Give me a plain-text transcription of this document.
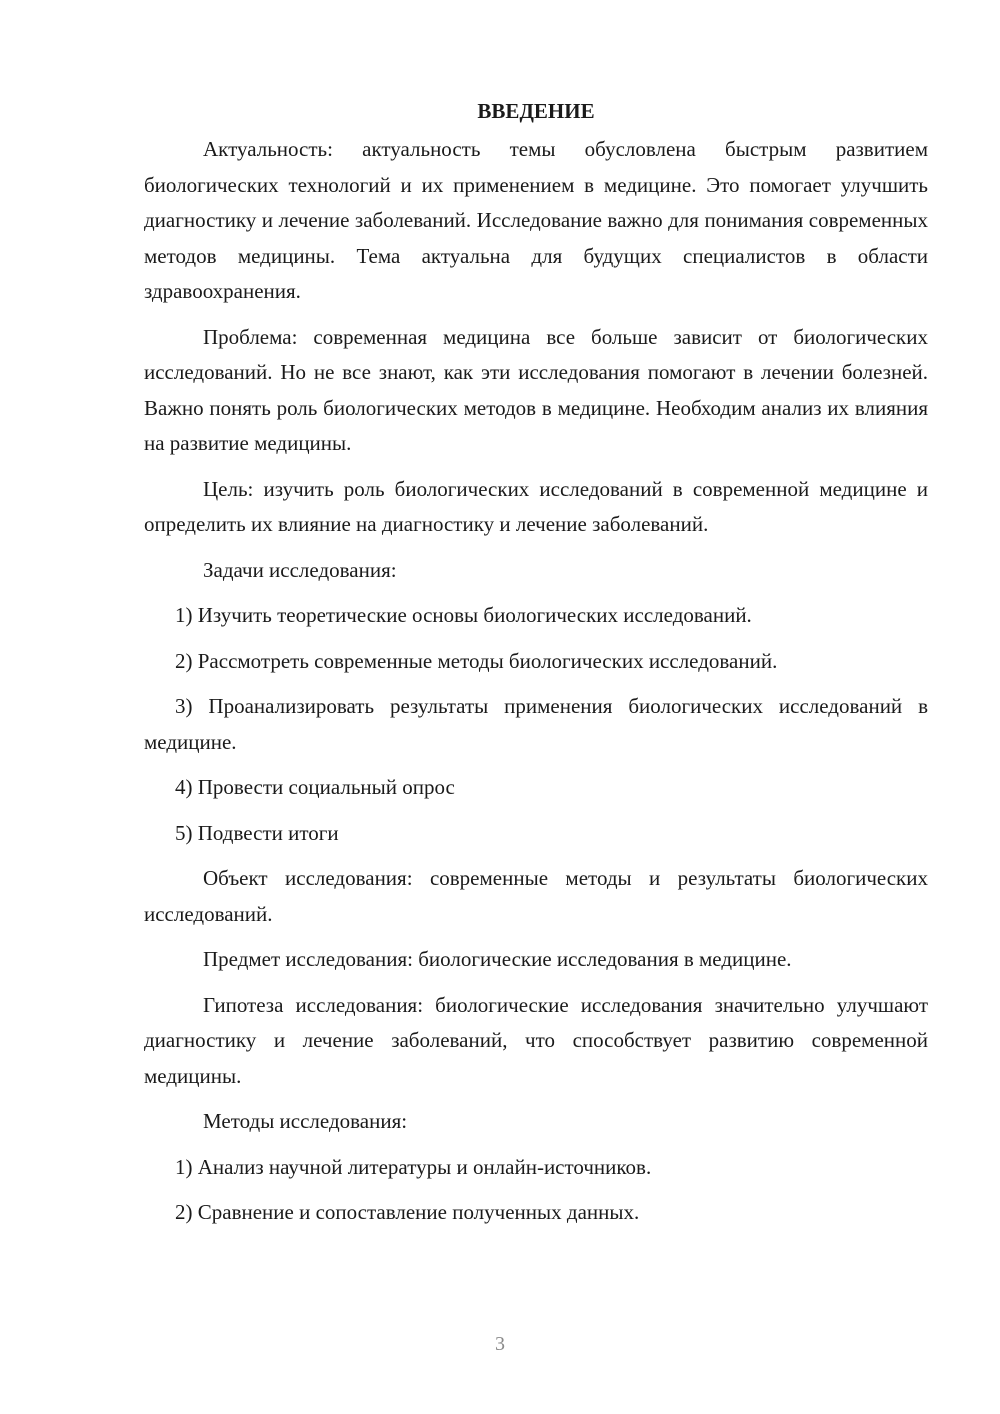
ВВЕДЕНИЕ

Актуальность: актуальность темы обусловлена быстрым развитием биологических технологий и их применением в медицине. Это помогает улучшить диагностику и лечение заболеваний. Исследование важно для понимания современных методов медицины. Тема актуальна для будущих специалистов в области здравоохранения.

Проблема: современная медицина все больше зависит от биологических исследований. Но не все знают, как эти исследования помогают в лечении болезней. Важно понять роль биологических методов в медицине. Необходим анализ их влияния на развитие медицины.

Цель: изучить роль биологических исследований в современной медицине и определить их влияние на диагностику и лечение заболеваний.

Задачи исследования:

1) Изучить теоретические основы биологических исследований.

2) Рассмотреть современные методы биологических исследований.

3) Проанализировать результаты применения биологических исследований в медицине.

4) Провести социальный опрос

5) Подвести итоги

Объект исследования: современные методы и результаты биологических исследований.

Предмет исследования: биологические исследования в медицине.

Гипотеза исследования: биологические исследования значительно улучшают диагностику и лечение заболеваний, что способствует развитию современной медицины.

Методы исследования:

1) Анализ научной литературы и онлайн-источников.

2) Сравнение и сопоставление полученных данных.

3
